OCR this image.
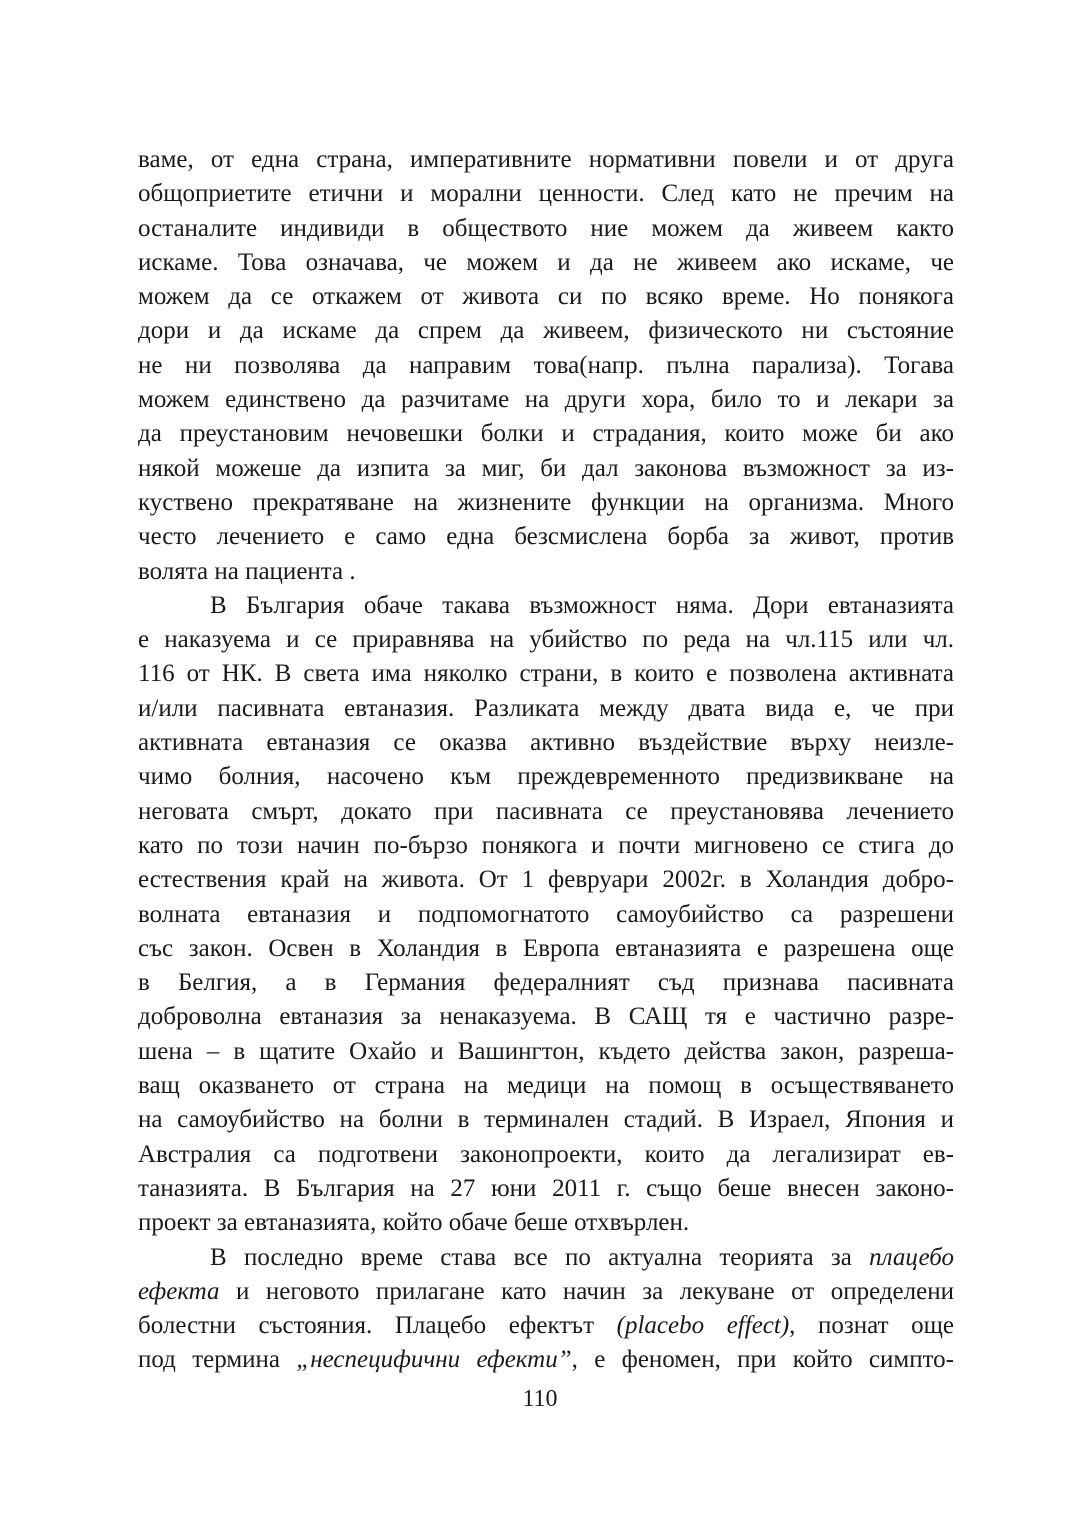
ваме, от една страна, императивните нормативни повели и от друга
общоприетите етични и морални ценности. След като не пречим на
останалите индивиди в обществото ние можем да живеем както
искаме. Това означава, че можем и да не живеем ако искаме, че
можем да се откажем от живота си по всяко време. Но понякога
дори и да искаме да спрем да живеем, физическото ни състояние
не ни позволява да направим това(напр. пълна парализа). Тогава
можем единствено да разчитаме на други хора, било то и лекари за
да преустановим нечовешки болки и страдания, които може би ако
някой можеше да изпита за миг, би дал законова възможност за из-
куствено прекратяване на жизнените функции на организма. Много
често лечението е само една безсмислена борба за живот, против
волята на пациента .
В България обаче такава възможност няма. Дори евтаназията
е наказуема и се приравнява на убийство по реда на чл.115 или чл.
116 от НК. В света има няколко страни, в които е позволена активната
и/или пасивната евтаназия. Разликата между двата вида е, че при
активната евтаназия се оказва активно въздействие върху неизле-
чимо болния, насочено към преждевременното предизвикване на
неговата смърт, докато при пасивната се преустановява лечението
като по този начин по-бързо понякога и почти мигновено се стига до
естествения край на живота. От 1 февруари 2002г. в Холандия добро-
волната евтаназия и подпомогнатото самоубийство са разрешени
със закон. Освен в Холандия в Европа евтаназията е разрешена още
в Белгия, а в Германия федералният съд признава пасивната
доброволна евтаназия за ненаказуема. В САЩ тя е частично разре-
шена – в щатите Охайо и Вашингтон, където действа закон, разреша-
ващ оказването от страна на медици на помощ в осъществяването
на самоубийство на болни в терминален стадий. В Израел, Япония и
Австралия са подготвени законопроекти, които да легализират ев-
таназията. В България на 27 юни 2011 г. също беше внесен законо-
проект за евтаназията, който обаче беше отхвърлен.
В последно време става все по актуална теорията за плацебо
ефекта и неговото прилагане като начин за лекуване от определени
болестни състояния. Плацебо ефектът (placebo effect), познат още
под термина „неспецифични ефекти”, е феномен, при който симпто-
110
